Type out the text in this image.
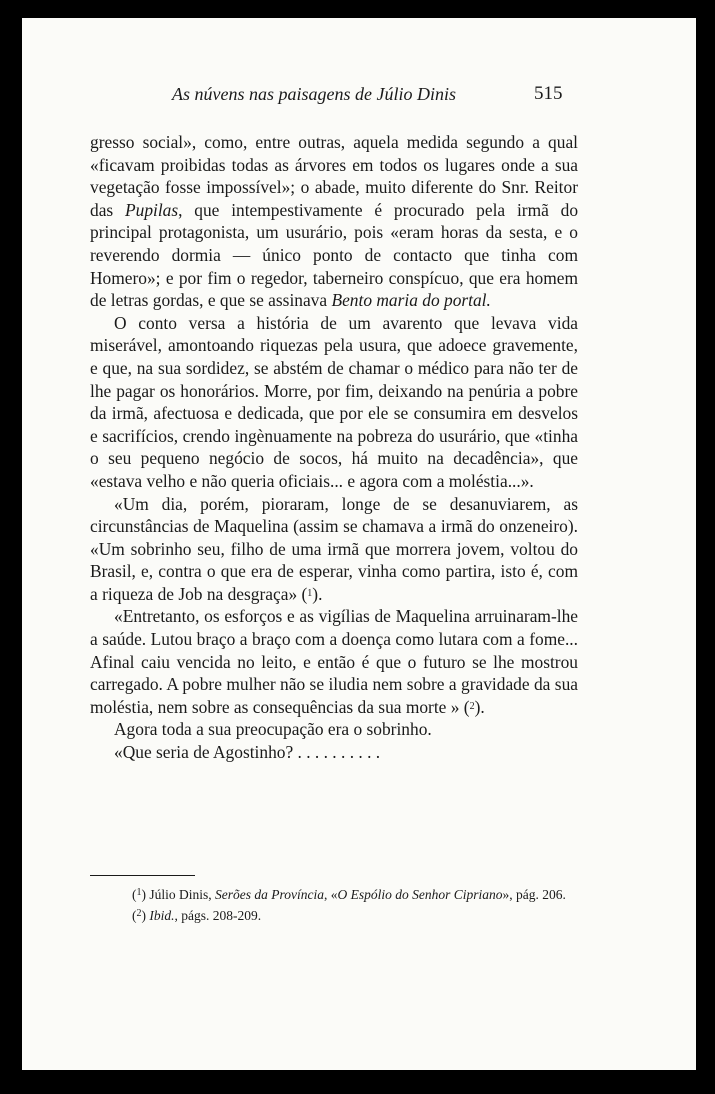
As núvens nas paisagens de Júlio Dinis	515

gresso social», como, entre outras, aquela medida segundo a qual «ficavam proibidas todas as árvores em todos os lugares onde a sua vegetação fosse impossível»; o abade, muito diferente do Snr. Reitor das Pupilas, que intempestivamente é procurado pela irmã do principal protagonista, um usurário, pois «eram horas da sesta, e o reverendo dormia — único ponto de contacto que tinha com Homero»; e por fim o regedor, taberneiro conspícuo, que era homem de letras gordas, e que se assinava Bento maria do portal.

O conto versa a história de um avarento que levava vida miserável, amontoando riquezas pela usura, que adoece gravemente, e que, na sua sordidez, se abstém de chamar o médico para não ter de lhe pagar os honorários. Morre, por fim, deixando na penúria a pobre da irmã, afectuosa e dedicada, que por ele se consumira em desvelos e sacrifícios, crendo ingènuamente na pobreza do usurário, que «tinha o seu pequeno negócio de socos, há muito na decadência», que «estava velho e não queria oficiais... e agora com a moléstia...».

«Um dia, porém, pioraram, longe de se desanuviarem, as circunstâncias de Maquelina (assim se chamava a irmã do onzeneiro). «Um sobrinho seu, filho de uma irmã que morrera jovem, voltou do Brasil, e, contra o que era de esperar, vinha como partira, isto é, com a riqueza de Job na desgraça» ($^1$).

«Entretanto, os esforços e as vigílias de Maquelina arruinaram-lhe a saúde. Lutou braço a braço com a doença como lutara com a fome... Afinal caiu vencida no leito, e então é que o futuro se lhe mostrou carregado. A pobre mulher não se iludia nem sobre a gravidade da sua moléstia, nem sobre as consequências da sua morte » ($^2$).

Agora toda a sua preocupação era o sobrinho.

«Que seria de Agostinho? . . . . . . . . . .

($^1$) Júlio Dinis, Serões da Província, «O Espólio do Senhor Cipriano», pág. 206.

($^2$) Ibid., págs. 208-209.
